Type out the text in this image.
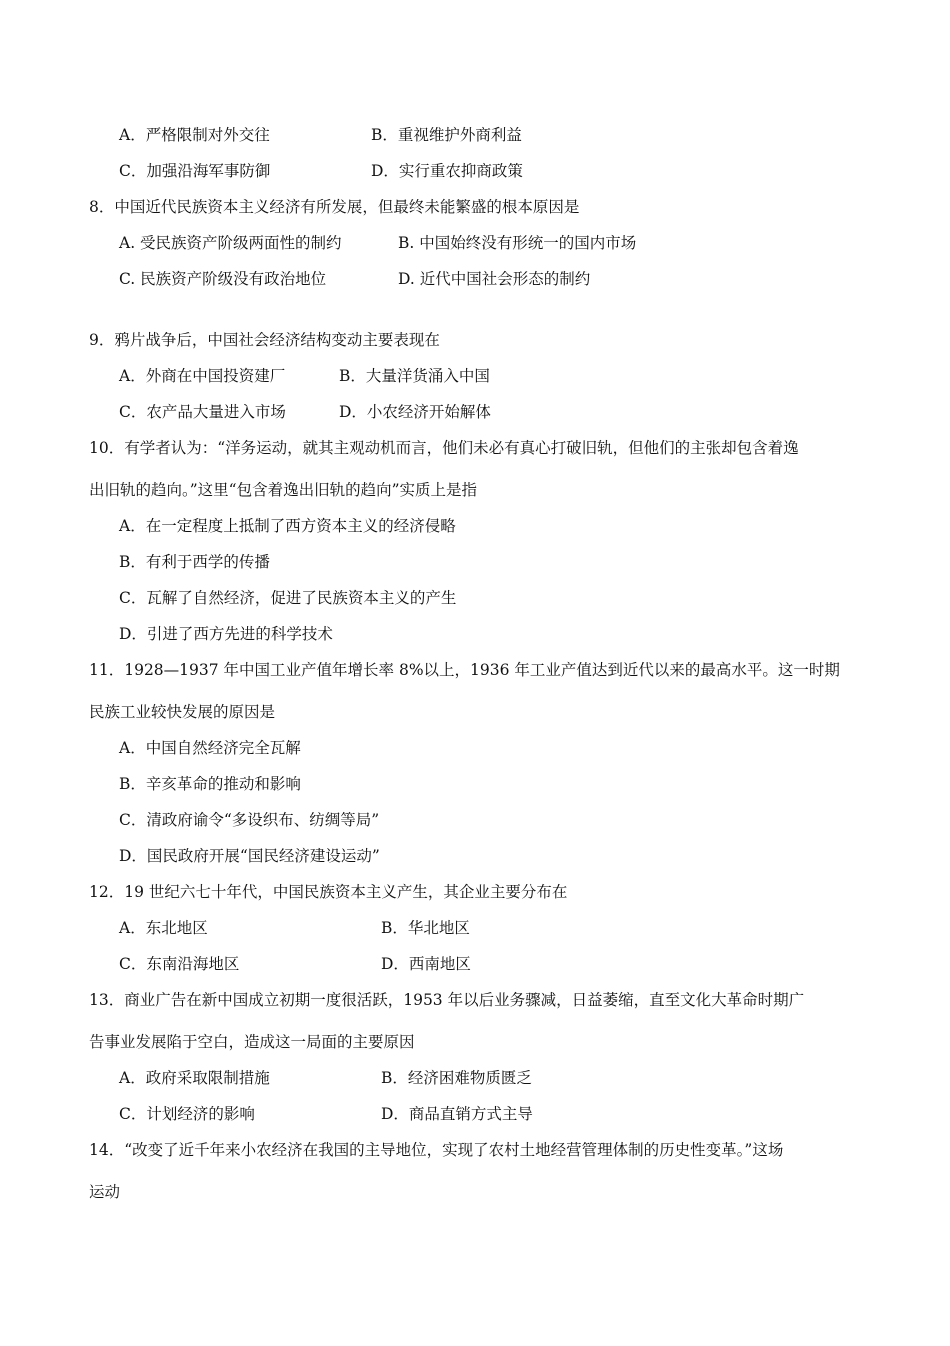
A．严格限制对外交往	B．重视维护外商利益
C．加强沿海军事防御	D．实行重农抑商政策
8．中国近代民族资本主义经济有所发展，但最终未能繁盛的根本原因是
A. 受民族资产阶级两面性的制约	B. 中国始终没有形统一的国内市场
C. 民族资产阶级没有政治地位	D. 近代中国社会形态的制约
9．鸦片战争后，中国社会经济结构变动主要表现在
A．外商在中国投资建厂	B．大量洋货涌入中国
C．农产品大量进入市场	D．小农经济开始解体
10．有学者认为：“洋务运动，就其主观动机而言，他们未必有真心打破旧轨，但他们的主张却包含着逸
出旧轨的趋向。”这里“包含着逸出旧轨的趋向”实质上是指
A．在一定程度上抵制了西方资本主义的经济侵略
B．有利于西学的传播
C．瓦解了自然经济，促进了民族资本主义的产生
D．引进了西方先进的科学技术
11．1928—1937 年中国工业产值年增长率 8%以上，1936 年工业产值达到近代以来的最高水平。这一时期
民族工业较快发展的原因是
A．中国自然经济完全瓦解
B．辛亥革命的推动和影响
C．清政府谕令“多设织布、纺绸等局”
D．国民政府开展“国民经济建设运动”
12．19 世纪六七十年代，中国民族资本主义产生，其企业主要分布在
A．东北地区	B．华北地区
C．东南沿海地区	D．西南地区
13．商业广告在新中国成立初期一度很活跃，1953 年以后业务骤减，日益萎缩，直至文化大革命时期广
告事业发展陷于空白，造成这一局面的主要原因
A．政府采取限制措施	B．经济困难物质匮乏
C．计划经济的影响	D．商品直销方式主导
14．“改变了近千年来小农经济在我国的主导地位，实现了农村土地经营管理体制的历史性变革。”这场
运动
